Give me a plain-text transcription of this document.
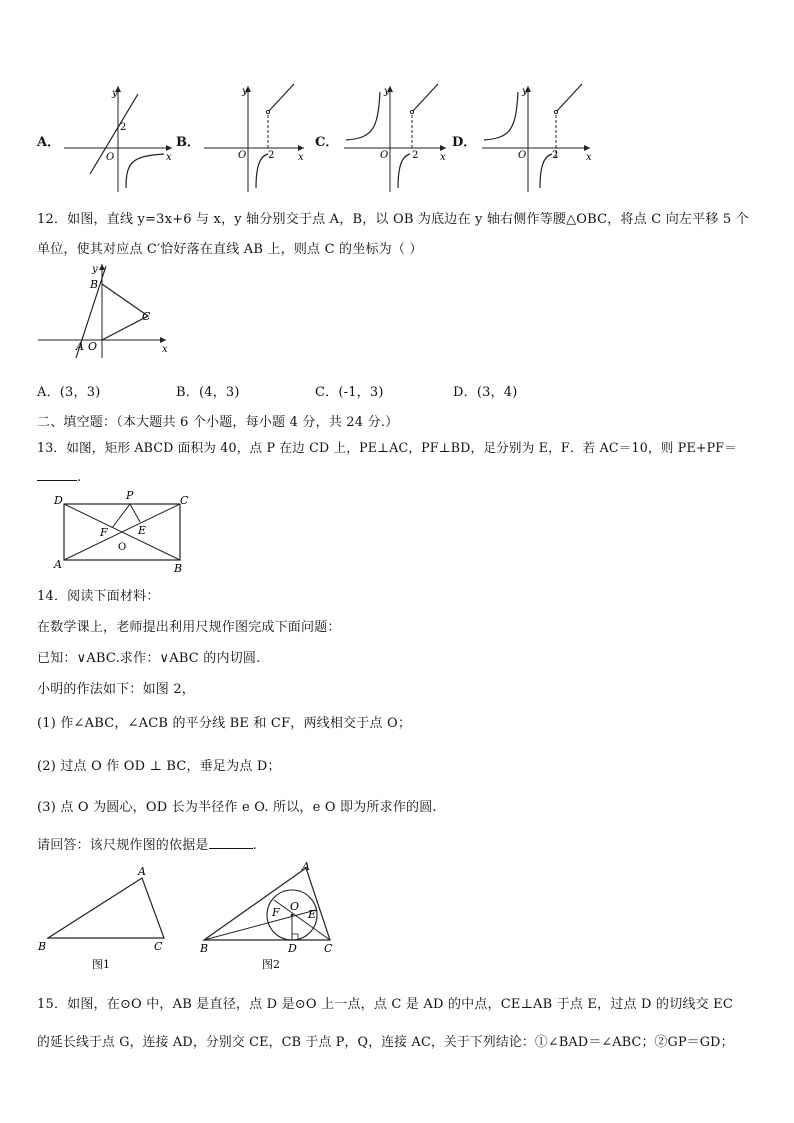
A．
y
x
O
2
B．
y
x
O 2
C．
y
x
O 2
D．
y
x
O	2
12．如图，直线 y=3x+6 与 x，y 轴分别交于点 A，B，以 OB 为底边在 y 轴右侧作等腰△OBC，将点 C 向左平移 5 个
单位，使其对应点 C′恰好落在直线 AB 上，则点 C 的坐标为（ ）
y
x
B
C
A O
A．(3，3)	B．(4，3)	C．(-1，3)	D．(3，4)
二、填空题：（本大题共 6 个小题，每小题 4 分，共 24 分.）
13．如图，矩形 ABCD 面积为 40，点 P 在边 CD 上，PE⊥AC，PF⊥BD，足分别为 E，F．若 AC＝10，则 PE+PF＝
.
D	P	C
F	E
O
A	B
14．阅读下面材料：
在数学课上，老师提出利用尺规作图完成下面问题：
已知：∨ABC.求作：∨ABC 的内切圆.
小明的作法如下：如图 2，
(1) 作∠ABC，∠ACB 的平分线 BE 和 CF，两线相交于点 O；
(2) 过点 O 作 OD ⊥ BC，垂足为点 D；
(3) 点 O 为圆心，OD 长为半径作 e O. 所以，e O 即为所求作的圆.
请回答：该尺规作图的依据是	.
A
B	C
图1
A
B	C
D
O
E
F
图2
15．如图，在⊙O 中，AB 是直径，点 D 是⊙O 上一点，点 C 是 AD 的中点，CE⊥AB 于点 E，过点 D 的切线交 EC
的延长线于点 G，连接 AD，分别交 CE，CB 于点 P，Q，连接 AC，关于下列结论：①∠BAD＝∠ABC；②GP＝GD；
